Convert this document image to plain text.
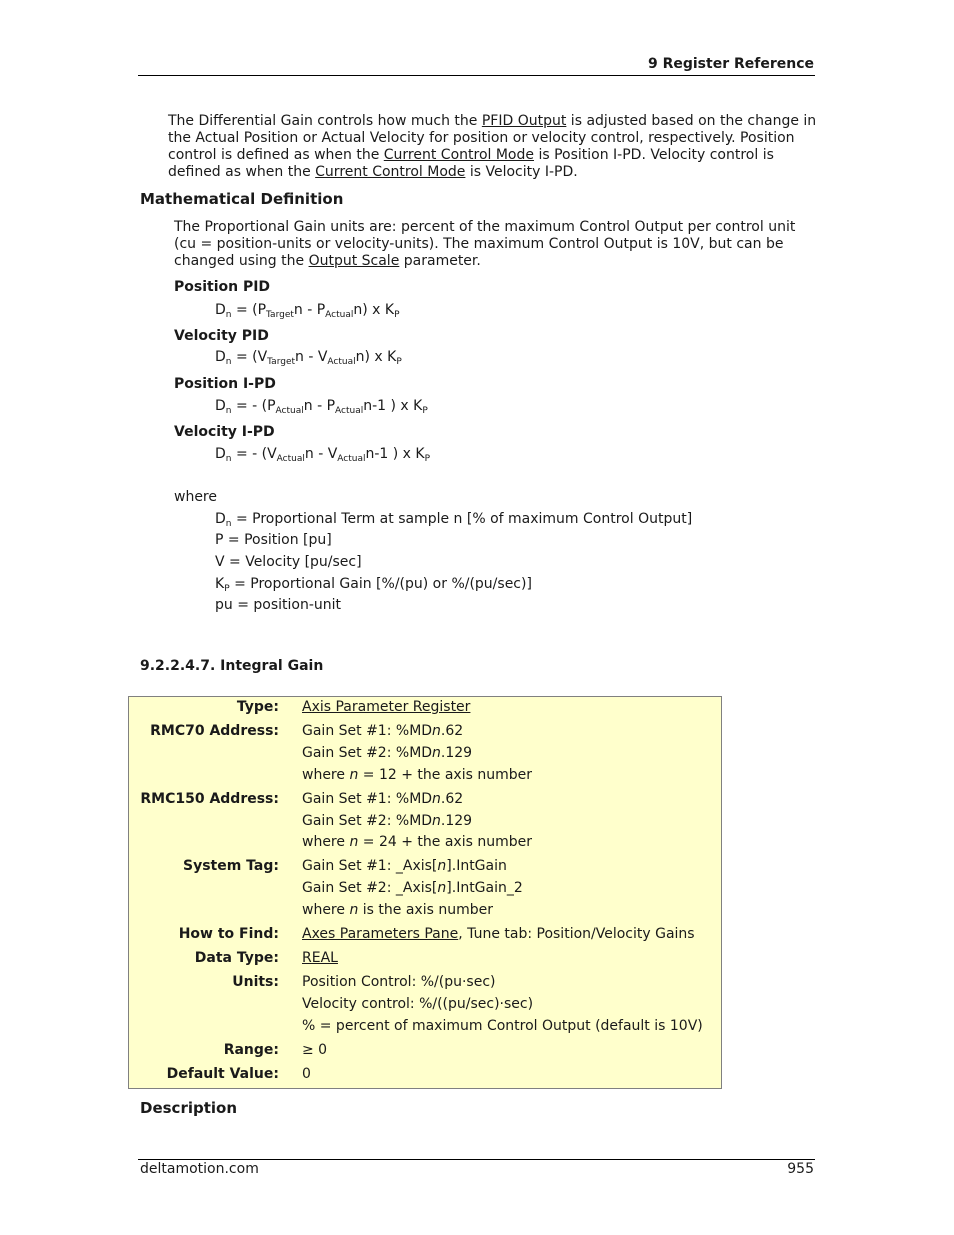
9 Register Reference

The Differential Gain controls how much the PFID Output is adjusted based on the change in the Actual Position or Actual Velocity for position or velocity control, respectively. Position control is defined as when the Current Control Mode is Position I-PD. Velocity control is defined as when the Current Control Mode is Velocity I-PD.

Mathematical Definition

The Proportional Gain units are: percent of the maximum Control Output per control unit (cu = position-units or velocity-units). The maximum Control Output is 10V, but can be changed using the Output Scale parameter.

Position PID
$D_n = (P_{Target}n - P_{Actual}n)$ x $K_P$
Velocity PID
$D_n = (V_{Target}n - V_{Actual}n)$ x $K_P$
Position I-PD
$D_n$ = - ($P_{Actual}n - P_{Actual}n-1$ ) x $K_P$
Velocity I-PD
$D_n$ = - ($V_{Actual}n - V_{Actual}n-1$ ) x $K_P$
where
$D_n$ = Proportional Term at sample n [% of maximum Control Output]
P = Position [pu]
V = Velocity [pu/sec]
$K_P$ = Proportional Gain [%/(pu) or %/(pu/sec)]
pu = position-unit
9.2.2.4.7. Integral Gain
Type: Axis Parameter Register
RMC70 Address: Gain Set #1: %MDn.62
Gain Set #2: %MDn.129
where n = 12 + the axis number
RMC150 Address: Gain Set #1: %MDn.62
Gain Set #2: %MDn.129
where n = 24 + the axis number
System Tag: Gain Set #1: _Axis[n].IntGain
Gain Set #2: _Axis[n].IntGain_2
where n is the axis number
How to Find: Axes Parameters Pane, Tune tab: Position/Velocity Gains
Data Type: REAL
Units: Position Control: %/(pu·sec)
Velocity control: %/((pu/sec)·sec)
% = percent of maximum Control Output (default is 10V)
Range: ≥ 0
Default Value: 0
Description
deltamotion.com	955
